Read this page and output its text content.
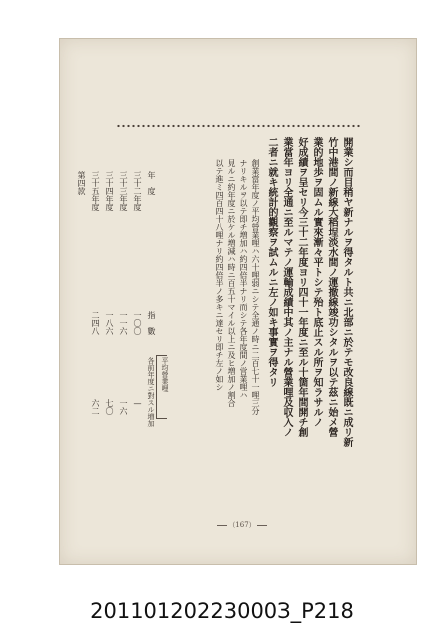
開業シ而目稍ヤ新ナルヲ得タルト共ニ北部ニ於テモ改良線既ニ成リ新
竹中港間ノ新線大稻埕淡水間ノ運撤線竣功シタルヲ以テ茲ニ始メ營
業的地歩ヲ固ムル實來漸々平トシテ殆ト底止スル所ヲ知ラサルノ
好成績ヲ呈セリ今三十二年度ヨリ四十一年度ニ至ル十箇年間開チ創
業當年ヨリ全通ニ至ルマテノ運輸成績中其ノ主ナル營業哩及収入ノ
二者ニ就キ統計的觀察ヲ試ムルニ左ノ如キ事實ヲ得タリ
創業當年度ノ平均營業哩ハ六十哩弱ニシテ全通ノ時ニ二百七十一哩三分
ナリキルヲ以テ即チ増加ハ約四倍半ナリ而シテ各年度間ノ営業哩ハ
見ルニ約年度ニ於ケル増減ハ時ニ百五十マイル以上ニ及ヒ増加ノ割合
以テ進ミ四百四十八哩ナリ約四倍半ノ多キニ達セリ即チ左ノ如シ
年　度
三十二年度
三十三年度
三十四年度
三十五年度
第四款
指　數
一〇〇
一一六
一八六
二四八
平均營業哩
各前年度ニ對スル増加
—
一六
七〇
六二
（167）
20110120223000З_P218
